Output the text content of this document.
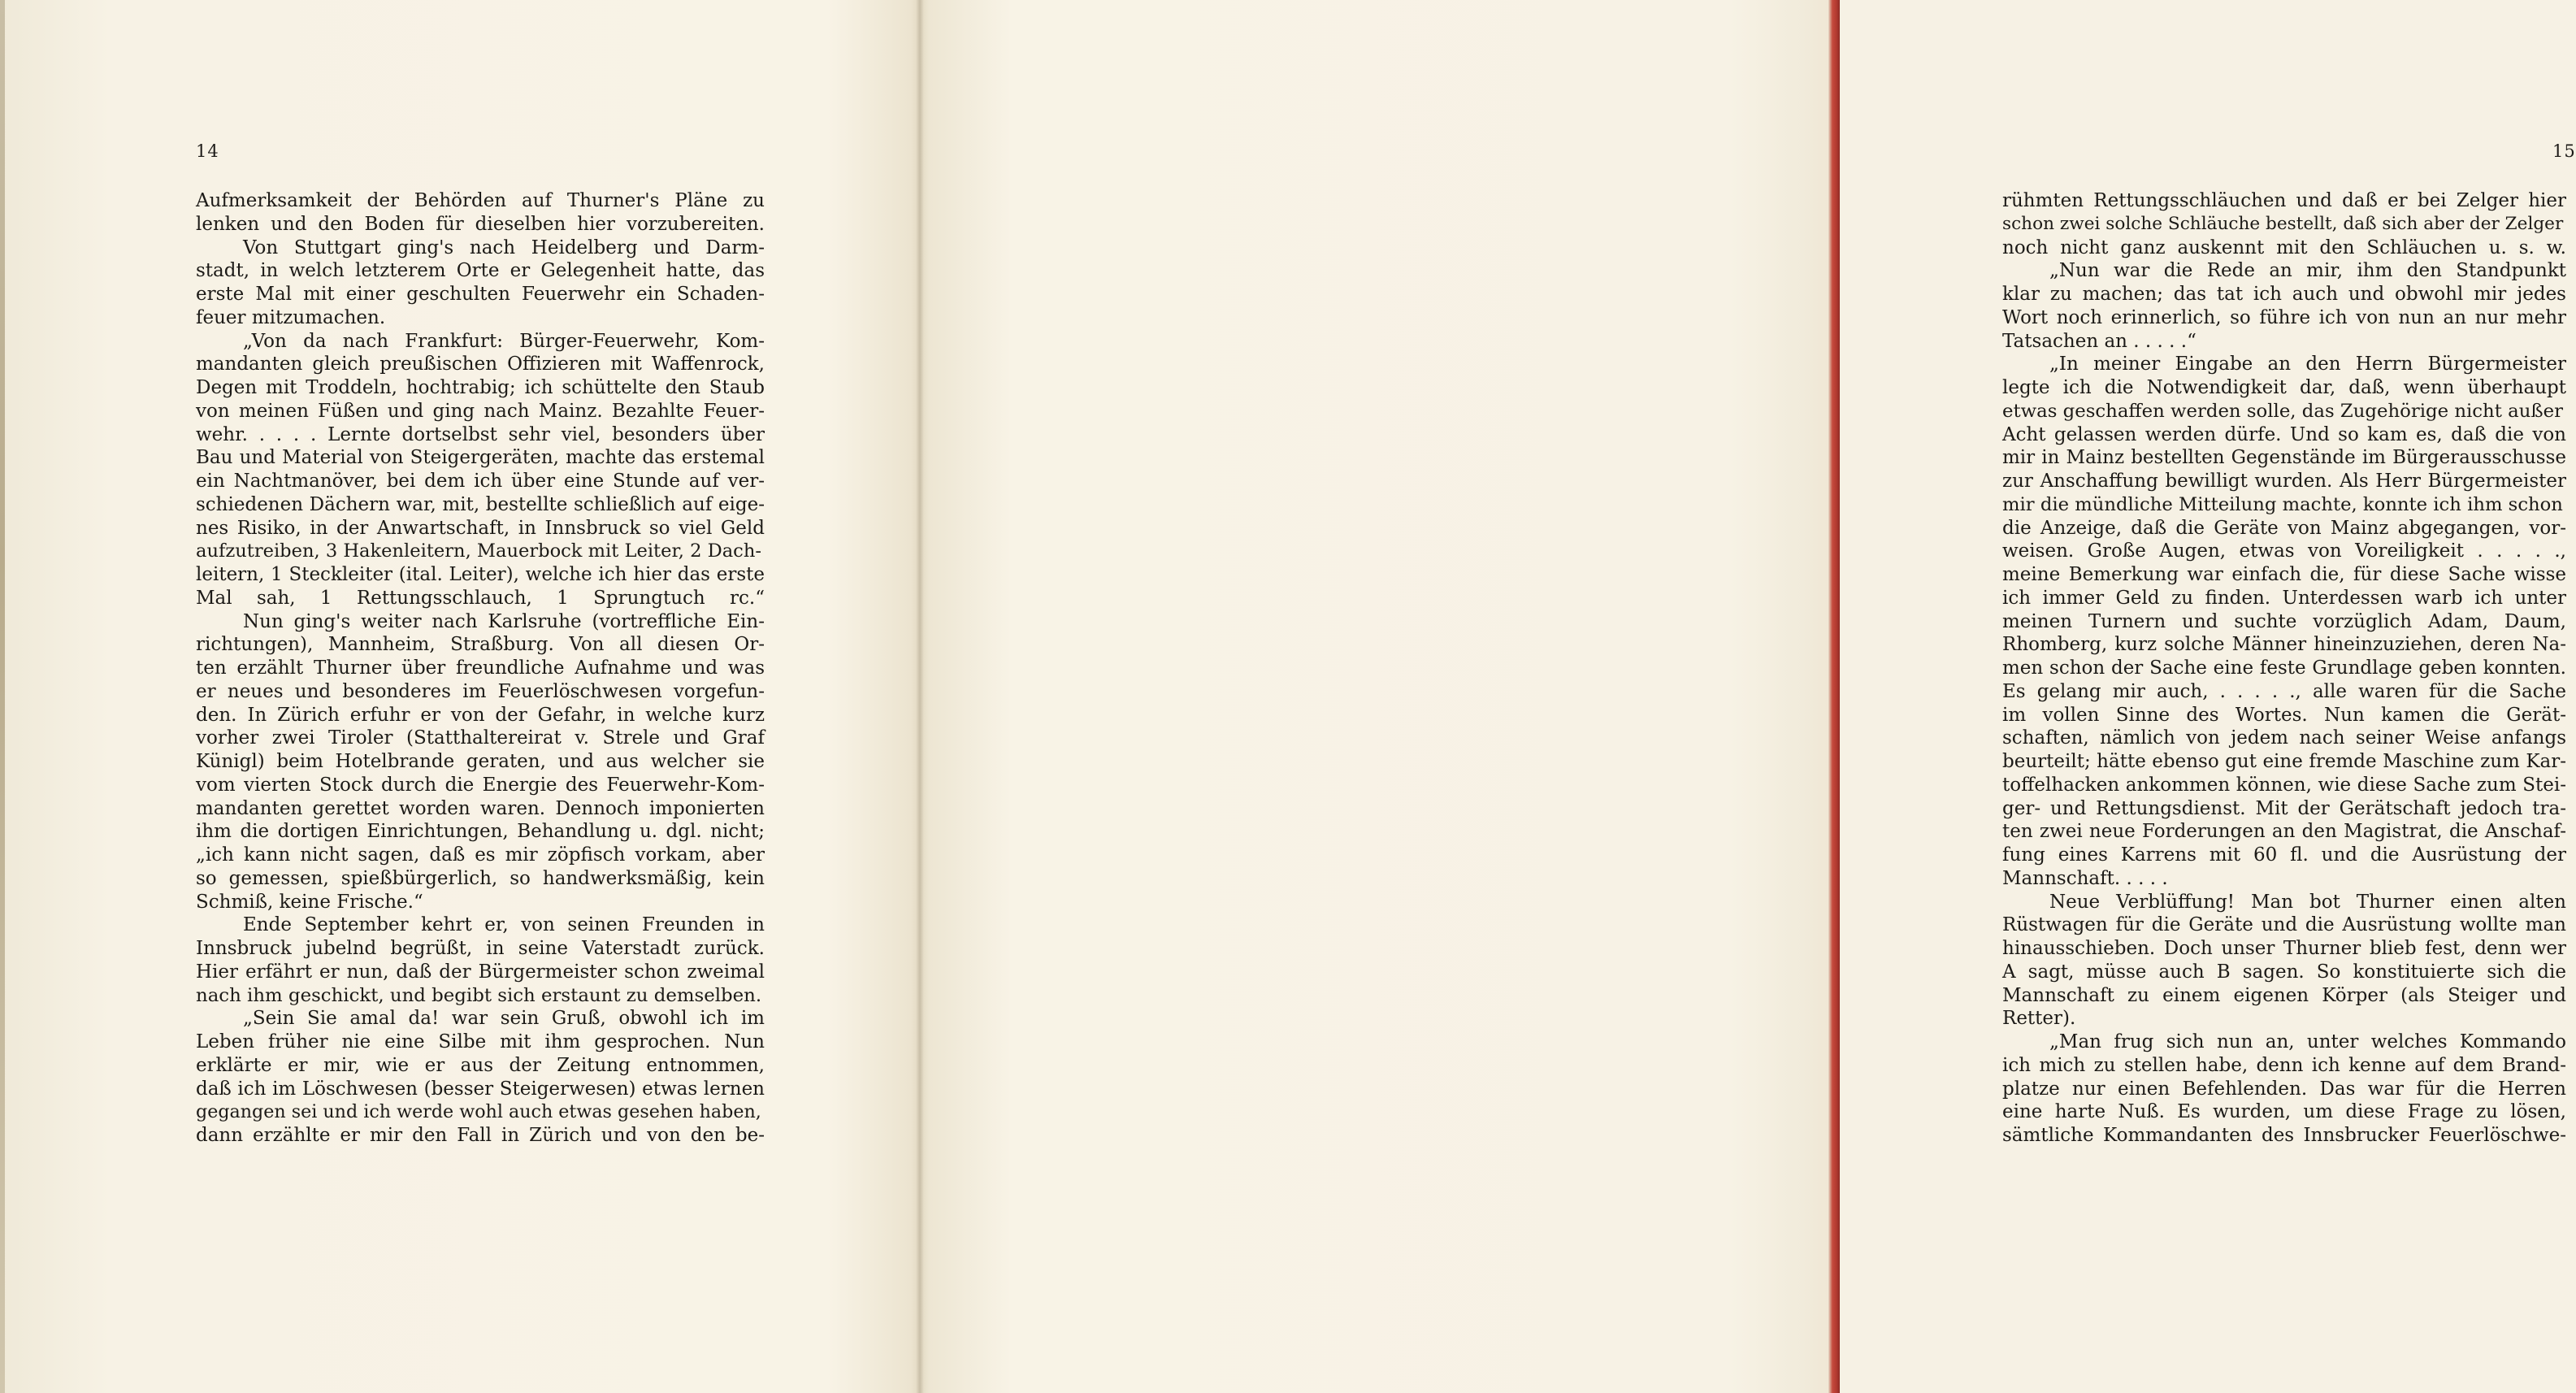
14
Aufmerksamkeit der Behörden auf Thurner's Pläne zu
lenken und den Boden für dieselben hier vorzubereiten.
Von Stuttgart ging's nach Heidelberg und Darm-
stadt, in welch letzterem Orte er Gelegenheit hatte, das
erste Mal mit einer geschulten Feuerwehr ein Schaden-
feuer mitzumachen.
„Von da nach Frankfurt: Bürger-Feuerwehr, Kom-
mandanten gleich preußischen Offizieren mit Waffenrock,
Degen mit Troddeln, hochtrabig; ich schüttelte den Staub
von meinen Füßen und ging nach Mainz. Bezahlte Feuer-
wehr. . . . . Lernte dortselbst sehr viel, besonders über
Bau und Material von Steigergeräten, machte das erstemal
ein Nachtmanöver, bei dem ich über eine Stunde auf ver-
schiedenen Dächern war, mit, bestellte schließlich auf eige-
nes Risiko, in der Anwartschaft, in Innsbruck so viel Geld
aufzutreiben, 3 Hakenleitern, Mauerbock mit Leiter, 2 Dach-
leitern, 1 Steckleiter (ital. Leiter), welche ich hier das erste
Mal sah, 1 Rettungsschlauch, 1 Sprungtuch rc.“
Nun ging's weiter nach Karlsruhe (vortreffliche Ein-
richtungen), Mannheim, Straßburg. Von all diesen Or-
ten erzählt Thurner über freundliche Aufnahme und was
er neues und besonderes im Feuerlöschwesen vorgefun-
den. In Zürich erfuhr er von der Gefahr, in welche kurz
vorher zwei Tiroler (Statthaltereirat v. Strele und Graf
Künigl) beim Hotelbrande geraten, und aus welcher sie
vom vierten Stock durch die Energie des Feuerwehr-Kom-
mandanten gerettet worden waren. Dennoch imponierten
ihm die dortigen Einrichtungen, Behandlung u. dgl. nicht;
„ich kann nicht sagen, daß es mir zöpfisch vorkam, aber
so gemessen, spießbürgerlich, so handwerksmäßig, kein
Schmiß, keine Frische.“
Ende September kehrt er, von seinen Freunden in
Innsbruck jubelnd begrüßt, in seine Vaterstadt zurück.
Hier erfährt er nun, daß der Bürgermeister schon zweimal
nach ihm geschickt, und begibt sich erstaunt zu demselben.
„Sein Sie amal da! war sein Gruß, obwohl ich im
Leben früher nie eine Silbe mit ihm gesprochen. Nun
erklärte er mir, wie er aus der Zeitung entnommen,
daß ich im Löschwesen (besser Steigerwesen) etwas lernen
gegangen sei und ich werde wohl auch etwas gesehen haben,
dann erzählte er mir den Fall in Zürich und von den be-
15
rühmten Rettungsschläuchen und daß er bei Zelger hier
schon zwei solche Schläuche bestellt, daß sich aber der Zelger
noch nicht ganz auskennt mit den Schläuchen u. s. w.
„Nun war die Rede an mir, ihm den Standpunkt
klar zu machen; das tat ich auch und obwohl mir jedes
Wort noch erinnerlich, so führe ich von nun an nur mehr
Tatsachen an . . . . .“
„In meiner Eingabe an den Herrn Bürgermeister
legte ich die Notwendigkeit dar, daß, wenn überhaupt
etwas geschaffen werden solle, das Zugehörige nicht außer
Acht gelassen werden dürfe. Und so kam es, daß die von
mir in Mainz bestellten Gegenstände im Bürgerausschusse
zur Anschaffung bewilligt wurden. Als Herr Bürgermeister
mir die mündliche Mitteilung machte, konnte ich ihm schon
die Anzeige, daß die Geräte von Mainz abgegangen, vor-
weisen. Große Augen, etwas von Voreiligkeit . . . . .,
meine Bemerkung war einfach die, für diese Sache wisse
ich immer Geld zu finden. Unterdessen warb ich unter
meinen Turnern und suchte vorzüglich Adam, Daum,
Rhomberg, kurz solche Männer hineinzuziehen, deren Na-
men schon der Sache eine feste Grundlage geben konnten.
Es gelang mir auch, . . . . ., alle waren für die Sache
im vollen Sinne des Wortes. Nun kamen die Gerät-
schaften, nämlich von jedem nach seiner Weise anfangs
beurteilt; hätte ebenso gut eine fremde Maschine zum Kar-
toffelhacken ankommen können, wie diese Sache zum Stei-
ger- und Rettungsdienst. Mit der Gerätschaft jedoch tra-
ten zwei neue Forderungen an den Magistrat, die Anschaf-
fung eines Karrens mit 60 fl. und die Ausrüstung der
Mannschaft. . . . .
Neue Verblüffung! Man bot Thurner einen alten
Rüstwagen für die Geräte und die Ausrüstung wollte man
hinausschieben. Doch unser Thurner blieb fest, denn wer
A sagt, müsse auch B sagen. So konstituierte sich die
Mannschaft zu einem eigenen Körper (als Steiger und
Retter).
„Man frug sich nun an, unter welches Kommando
ich mich zu stellen habe, denn ich kenne auf dem Brand-
platze nur einen Befehlenden. Das war für die Herren
eine harte Nuß. Es wurden, um diese Frage zu lösen,
sämtliche Kommandanten des Innsbrucker Feuerlöschwe-
